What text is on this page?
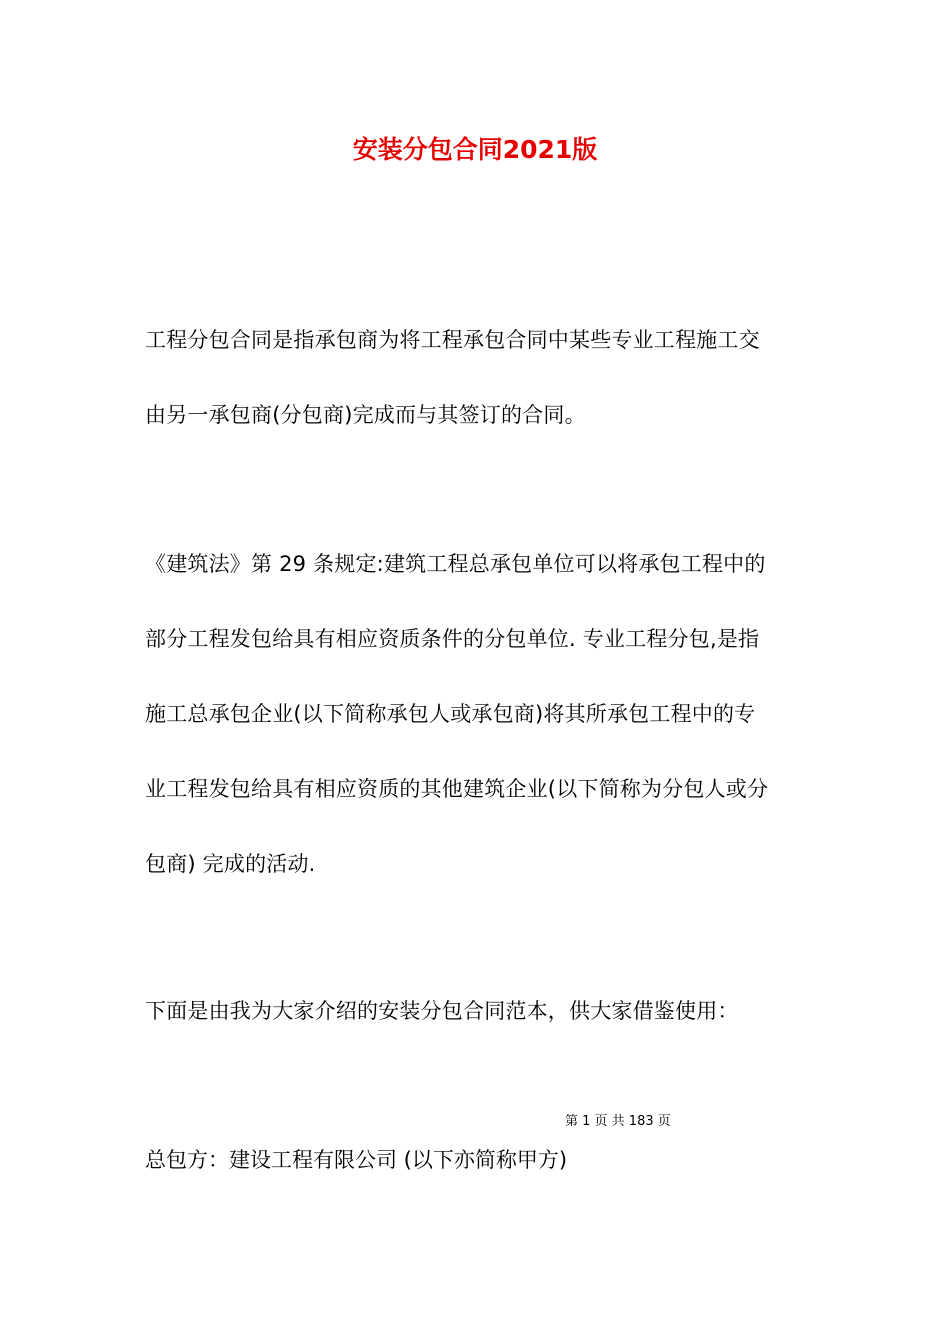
安装分包合同2021版

工程分包合同是指承包商为将工程承包合同中某些专业工程施工交
由另一承包商(分包商)完成而与其签订的合同。

《建筑法》第 29 条规定:建筑工程总承包单位可以将承包工程中的
部分工程发包给具有相应资质条件的分包单位. 专业工程分包,是指
施工总承包企业(以下简称承包人或承包商)将其所承包工程中的专
业工程发包给具有相应资质的其他建筑企业(以下简称为分包人或分
包商) 完成的活动.

下面是由我为大家介绍的安装分包合同范本，供大家借鉴使用：

第 1 页 共 183 页

总包方：建设工程有限公司 (以下亦简称甲方)
